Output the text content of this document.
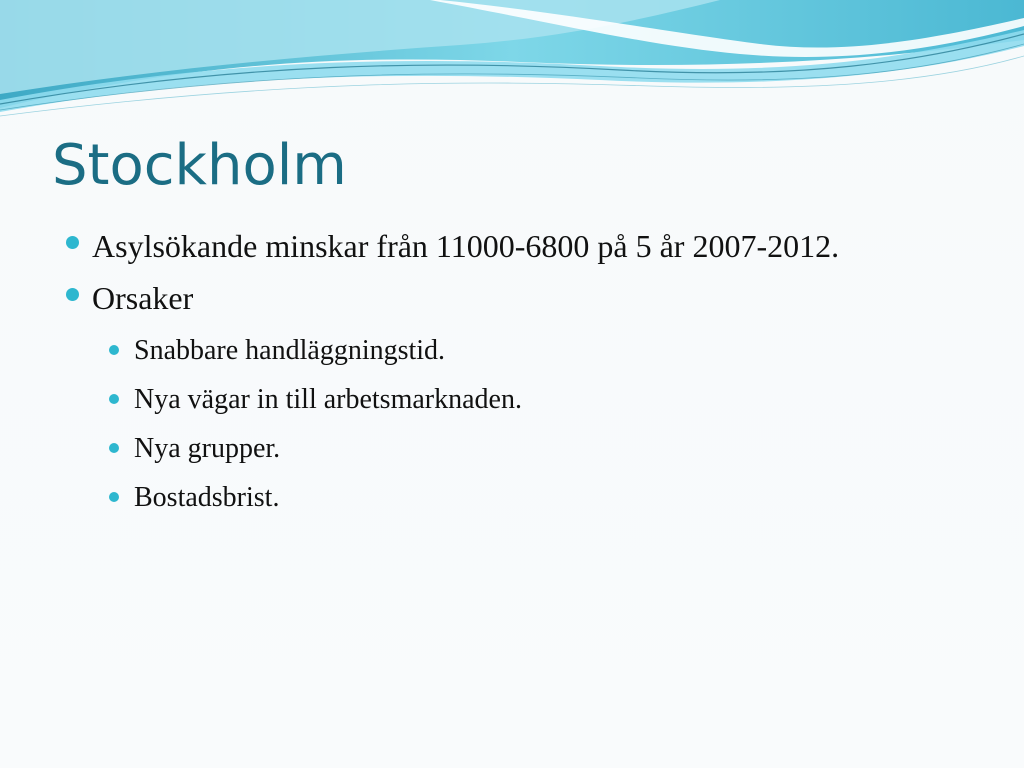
Stockholm
Asylsökande minskar från 11000-6800 på 5 år 2007-2012.
Orsaker
Snabbare handläggningstid.
Nya vägar in till arbetsmarknaden.
Nya grupper.
Bostadsbrist.
